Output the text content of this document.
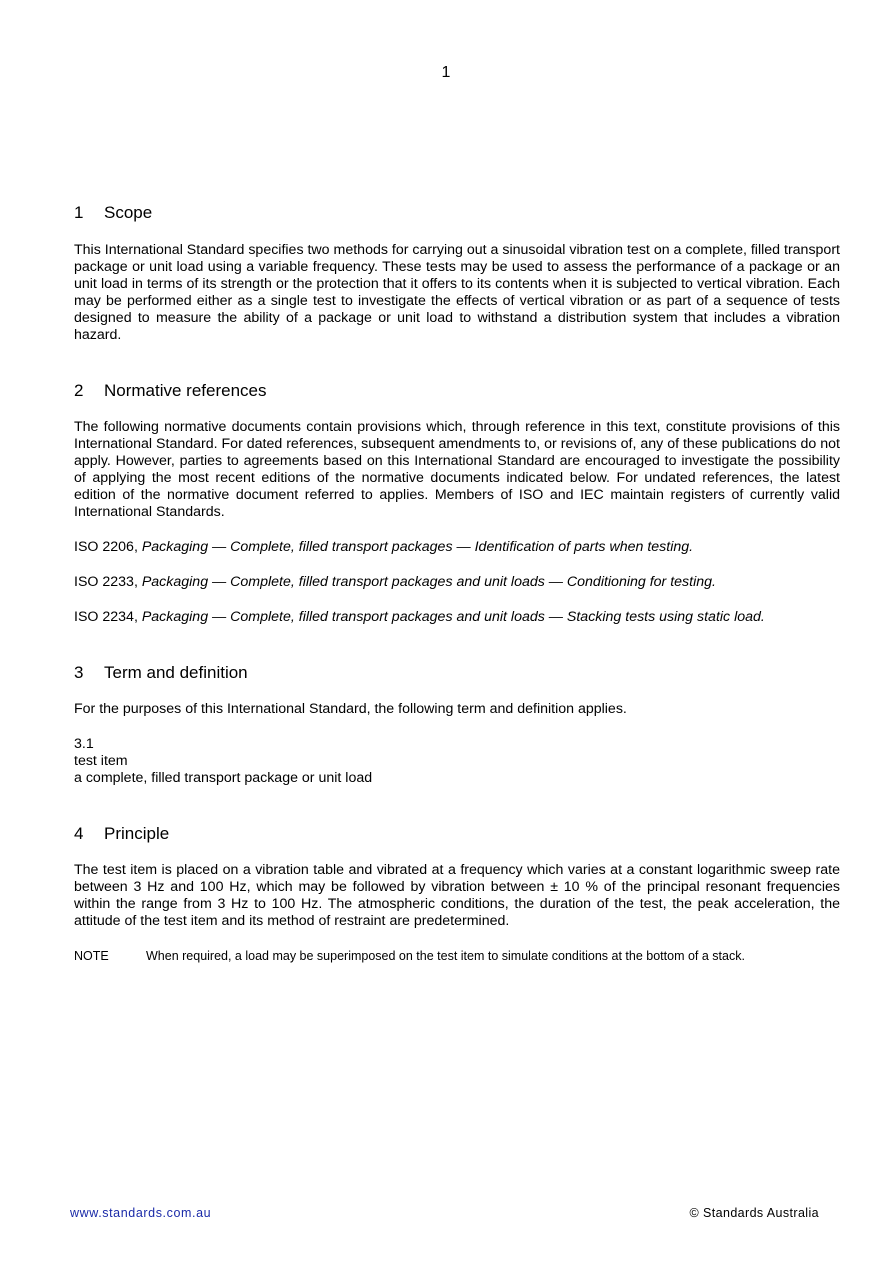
1
1 Scope

This International Standard specifies two methods for carrying out a sinusoidal vibration test on a complete, filled transport package or unit load using a variable frequency. These tests may be used to assess the performance of a package or an unit load in terms of its strength or the protection that it offers to its contents when it is subjected to vertical vibration. Each may be performed either as a single test to investigate the effects of vertical vibration or as part of a sequence of tests designed to measure the ability of a package or unit load to withstand a distribution system that includes a vibration hazard.

2 Normative references

The following normative documents contain provisions which, through reference in this text, constitute provisions of this International Standard. For dated references, subsequent amendments to, or revisions of, any of these publications do not apply. However, parties to agreements based on this International Standard are encouraged to investigate the possibility of applying the most recent editions of the normative documents indicated below. For undated references, the latest edition of the normative document referred to applies. Members of ISO and IEC maintain registers of currently valid International Standards.

ISO 2206, Packaging — Complete, filled transport packages — Identification of parts when testing.
ISO 2233, Packaging — Complete, filled transport packages and unit loads — Conditioning for testing.
ISO 2234, Packaging — Complete, filled transport packages and unit loads — Stacking tests using static load.
3 Term and definition

For the purposes of this International Standard, the following term and definition applies.

3.1

test item

a complete, filled transport package or unit load

4 Principle

The test item is placed on a vibration table and vibrated at a frequency which varies at a constant logarithmic sweep rate between 3 Hz and 100 Hz, which may be followed by vibration between ± 10 % of the principal resonant frequencies within the range from 3 Hz to 100 Hz. The atmospheric conditions, the duration of the test, the peak acceleration, the attitude of the test item and its method of restraint are predetermined.

NOTE	When required, a load may be superimposed on the test item to simulate conditions at the bottom of a stack.
www.standards.com.au	© Standards Australia
